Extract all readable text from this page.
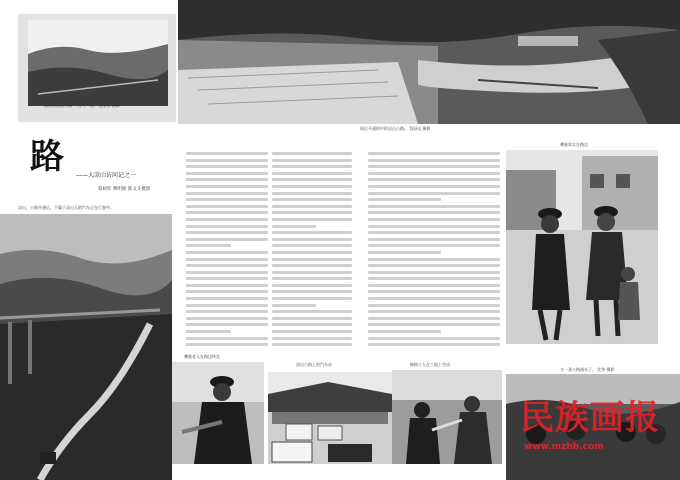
雨后的凉山公路 一九八一年。 沈华华 摄影
雨后开通的中的凉山公路。 蔡舒远 摄影
路 ——大凉山访问记之一
蔡树钦 曹明勋 陈文斗摄影
凉山，公路开通后，不属于凉山人的汽车正在行驶中。
彝族男女在路边
彝族老人在路边休息
凉山公路上的汽车站	修路工人在工地上劳动
又一条公路通车了。 沈华 摄影
民族画报
www.mzhb.com
